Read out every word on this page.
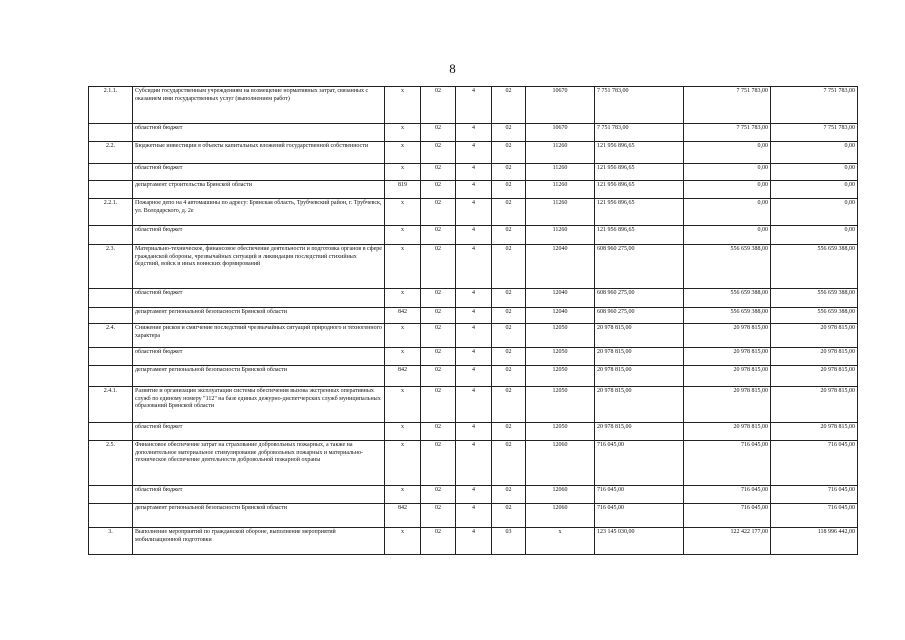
8
2.1.1.	Субсидии государственным учреждениям на возмещение нормативных затрат, связанных с оказанием ими государственных услуг (выполнением работ)	х	02	4	02	10670	7 751 783,00	7 751 783,00	7 751 783,00
	областной бюджет	х	02	4	02	10670	7 751 783,00	7 751 783,00	7 751 783,00
2.2.	Бюджетные инвестиции в объекты капитальных вложений государственной собственности	х	02	4	02	11260	121 956 896,65	0,00	0,00
	областной бюджет	х	02	4	02	11260	121 956 896,65	0,00	0,00
	департамент строительства Брянской области	819	02	4	02	11260	121 956 896,65	0,00	0,00
2.2.1.	Пожарное депо на 4 автомашины по адресу: Брянская область, Трубчевский район, г. Трубчевск, ул. Володарского, д. 2е	х	02	4	02	11260	121 956 896,65	0,00	0,00
	областной бюджет	х	02	4	02	11260	121 956 896,65	0,00	0,00
2.3.	Материально-техническое, финансовое обеспечение деятельности и подготовка органов в сфере гражданской обороны, чрезвычайных ситуаций и ликвидации последствий стихийных бедствий, войск и иных воинских формирований	х	02	4	02	12040	608 960 275,00	556 659 388,00	556 659 388,00
	областной бюджет	х	02	4	02	12040	608 960 275,00	556 659 388,00	556 659 388,00
	департамент региональной безопасности Брянской области	842	02	4	02	12040	608 960 275,00	556 659 388,00	556 659 388,00
2.4.	Снижение рисков и смягчение последствий чрезвычайных ситуаций природного и техногенного характера	х	02	4	02	12050	20 978 815,00	20 978 815,00	20 978 815,00
	областной бюджет	х	02	4	02	12050	20 978 815,00	20 978 815,00	20 978 815,00
	департамент региональной безопасности Брянской области	842	02	4	02	12050	20 978 815,00	20 978 815,00	20 978 815,00
2.4.1.	Развитие и организация эксплуатации системы обеспечения вызова экстренных оперативных служб по единому номеру "112" на базе единых дежурно-диспетчерских служб муниципальных образований Брянской области	х	02	4	02	12050	20 978 815,00	20 978 815,00	20 978 815,00
	областной бюджет	х	02	4	02	12050	20 978 815,00	20 978 815,00	20 978 815,00
2.5.	Финансовое обеспечение затрат на страхование добровольных пожарных, а также на дополнительное материальное стимулирование добровольных пожарных и материально-техническое обеспечение деятельности добровольной пожарной охраны	х	02	4	02	12060	716 045,00	716 045,00	716 045,00
	областной бюджет	х	02	4	02	12060	716 045,00	716 045,00	716 045,00
	департамент региональной безопасности Брянской области	842	02	4	02	12060	716 045,00	716 045,00	716 045,00
3.	Выполнение мероприятий по гражданской обороне, выполнение мероприятий мобилизационной подготовки	х	02	4	03	х	123 145 030,00	122 422 177,00	118 996 442,00
